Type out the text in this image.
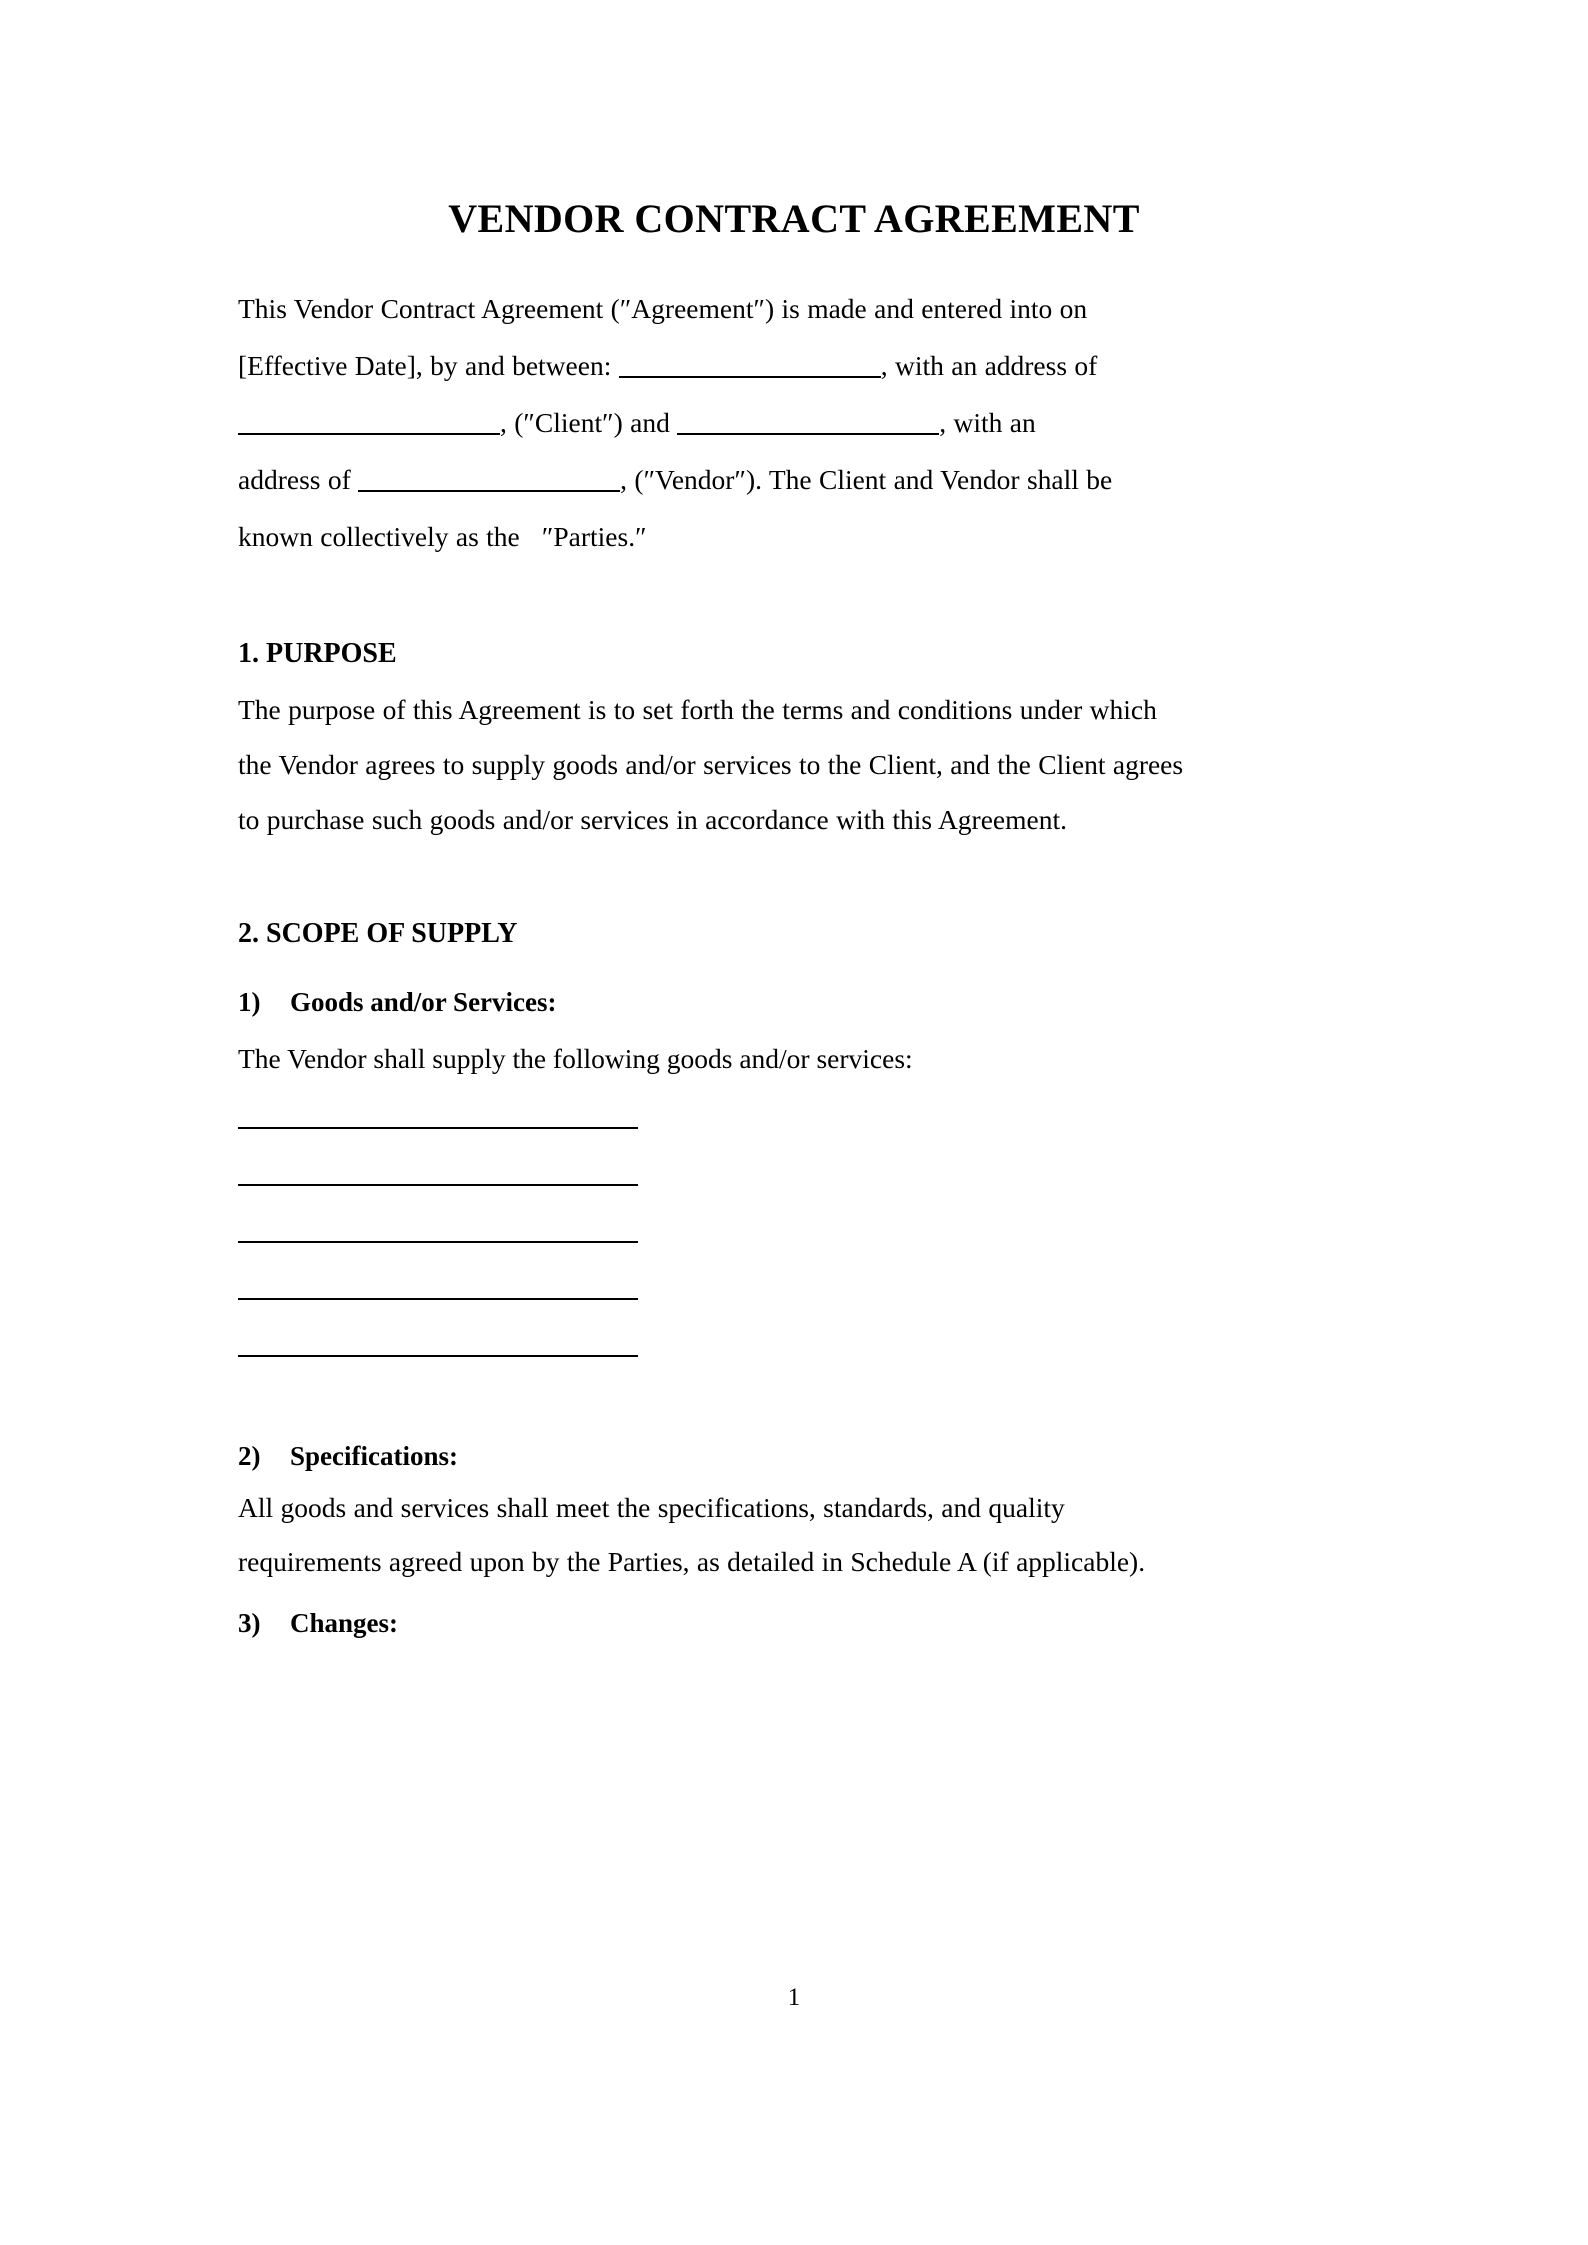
VENDOR CONTRACT AGREEMENT

This Vendor Contract Agreement (″Agreement″) is made and entered into on

[Effective Date], by and between:	, with an address of

, (″Client″) and	, with an

address of	, (″Vendor″). The Client and Vendor shall be

known collectively as the ″Parties.″

1. PURPOSE

The purpose of this Agreement is to set forth the terms and conditions under which

the Vendor agrees to supply goods and/or services to the Client, and the Client agrees

to purchase such goods and/or services in accordance with this Agreement.

2. SCOPE OF SUPPLY
1) Goods and/or Services:

The Vendor shall supply the following goods and/or services:

2) Specifications:

All goods and services shall meet the specifications, standards, and quality

requirements agreed upon by the Parties, as detailed in Schedule A (if applicable).

3) Changes:
1
